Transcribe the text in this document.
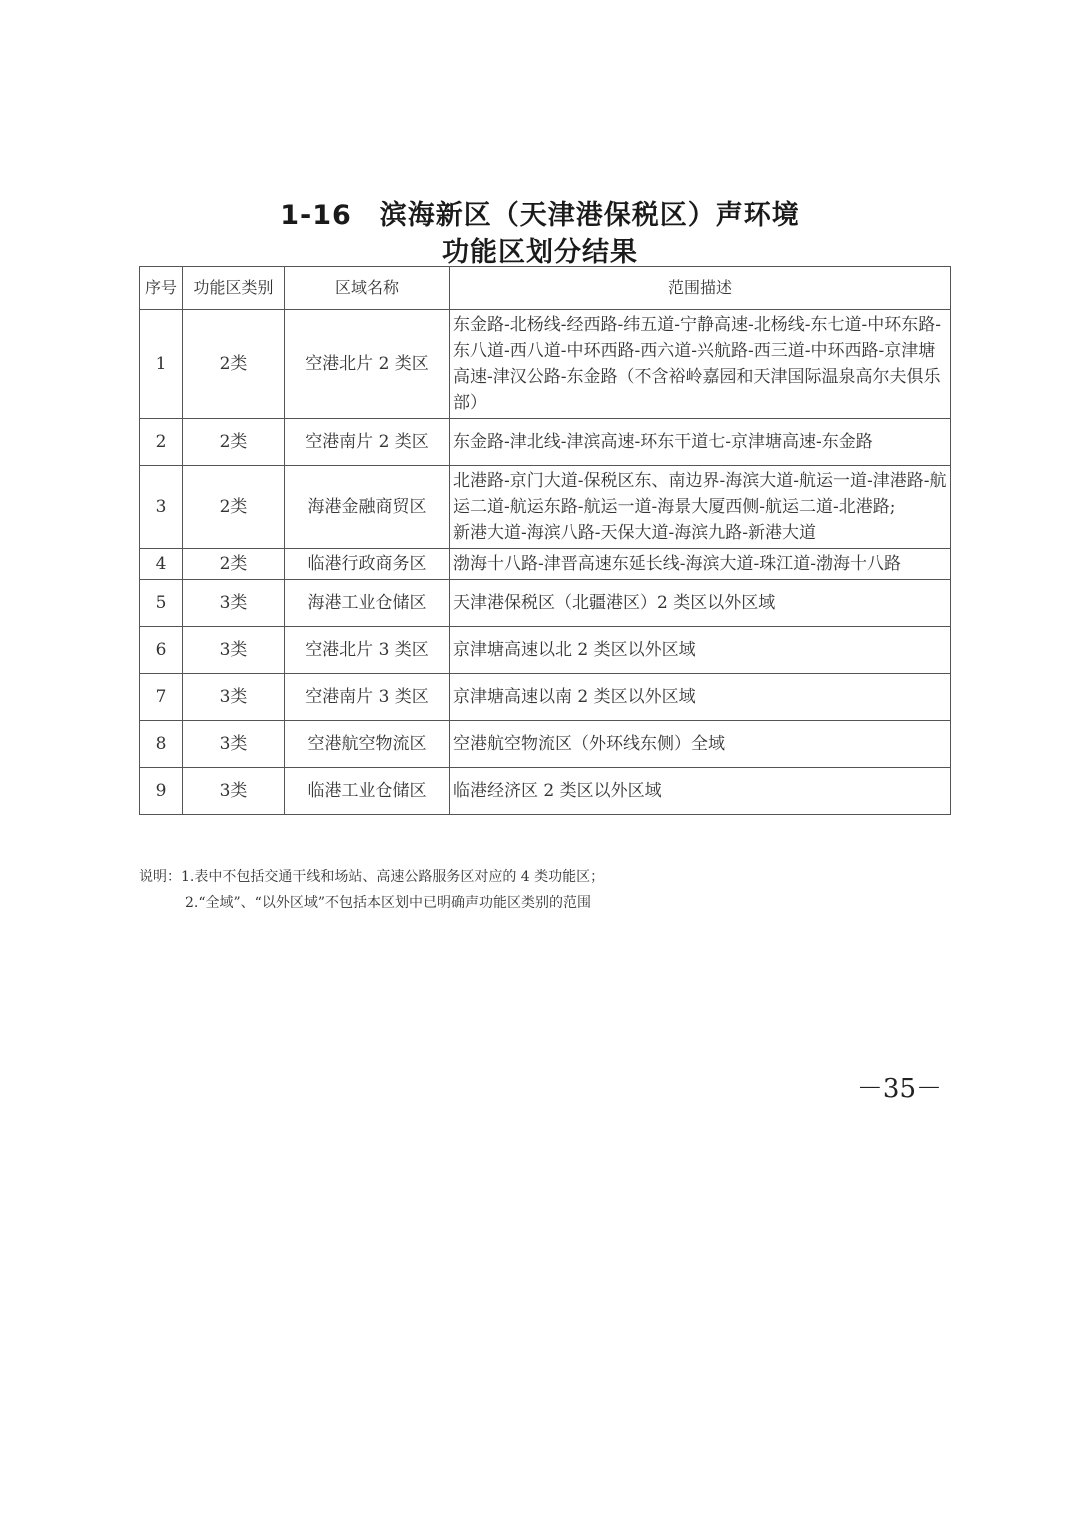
1-16　滨海新区（天津港保税区）声环境
功能区划分结果
序号	功能区类别	区域名称	范围描述
1	2类	空港北片 2 类区	东金路-北杨线-经西路-纬五道-宁静高速-北杨线-东七道-中环东路-东八道-西八道-中环西路-西六道-兴航路-西三道-中环西路-京津塘高速-津汉公路-东金路（不含裕岭嘉园和天津国际温泉高尔夫俱乐部）
2	2类	空港南片 2 类区	东金路-津北线-津滨高速-环东干道七-京津塘高速-东金路
3	2类	海港金融商贸区	北港路-京门大道-保税区东、南边界-海滨大道-航运一道-津港路-航运二道-航运东路-航运一道-海景大厦西侧-航运二道-北港路;
新港大道-海滨八路-天保大道-海滨九路-新港大道
4	2类	临港行政商务区	渤海十八路-津晋高速东延长线-海滨大道-珠江道-渤海十八路
5	3类	海港工业仓储区	天津港保税区（北疆港区）2 类区以外区域
6	3类	空港北片 3 类区	京津塘高速以北 2 类区以外区域
7	3类	空港南片 3 类区	京津塘高速以南 2 类区以外区域
8	3类	空港航空物流区	空港航空物流区（外环线东侧）全域
9	3类	临港工业仓储区	临港经济区 2 类区以外区域
说明：1.表中不包括交通干线和场站、高速公路服务区对应的 4 类功能区；
2.“全域”、“以外区域”不包括本区划中已明确声功能区类别的范围
－35－
